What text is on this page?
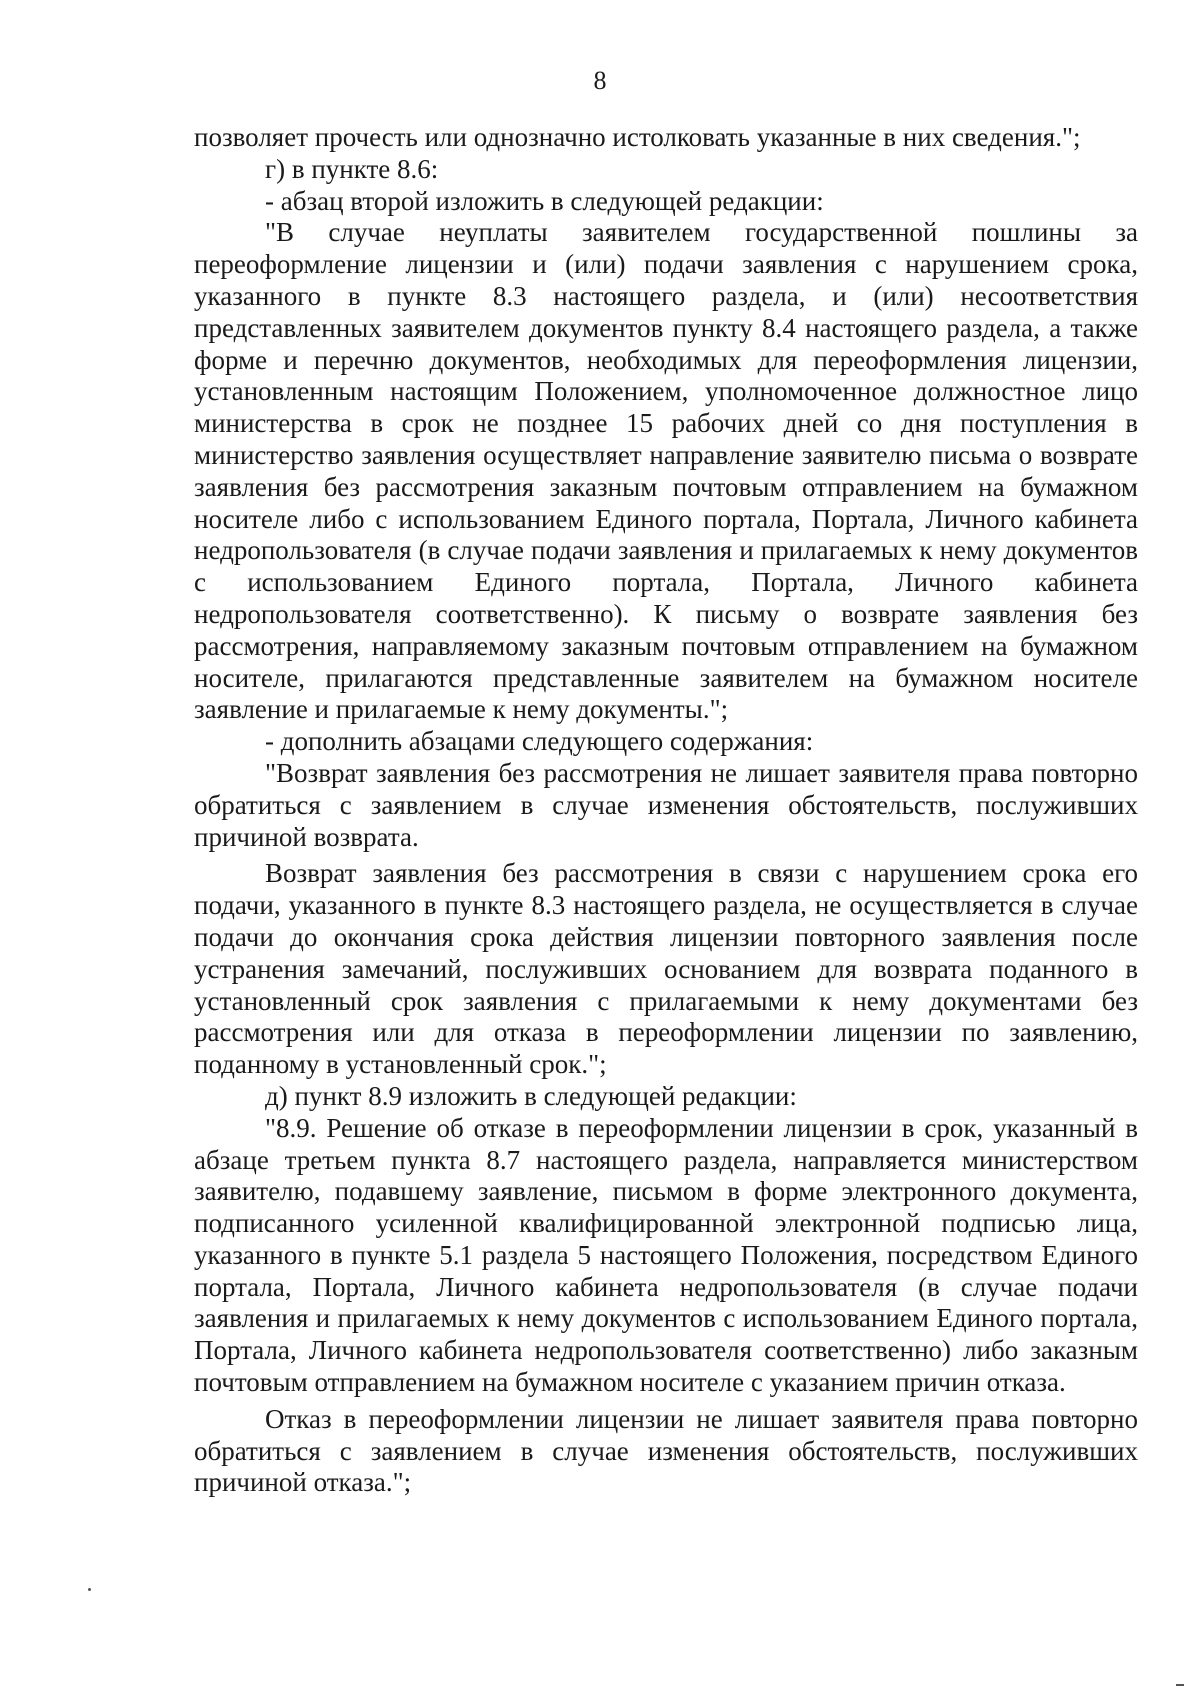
8

позволяет прочесть или однозначно истолковать указанные в них сведения.";

г) в пункте 8.6:

- абзац второй изложить в следующей редакции:

"В случае неуплаты заявителем государственной пошлины за переоформление лицензии и (или) подачи заявления с нарушением срока, указанного в пункте 8.3 настоящего раздела, и (или) несоответствия представленных заявителем документов пункту 8.4 настоящего раздела, а также форме и перечню документов, необходимых для переоформления лицензии, установленным настоящим Положением, уполномоченное должностное лицо министерства в срок не позднее 15 рабочих дней со дня поступления в министерство заявления осуществляет направление заявителю письма о возврате заявления без рассмотрения заказным почтовым отправлением на бумажном носителе либо с использованием Единого портала, Портала, Личного кабинета недропользователя (в случае подачи заявления и прилагаемых к нему документов с использованием Единого портала, Портала, Личного кабинета недропользователя соответственно). К письму о возврате заявления без рассмотрения, направляемому заказным почтовым отправлением на бумажном носителе, прилагаются представленные заявителем на бумажном носителе заявление и прилагаемые к нему документы.";

- дополнить абзацами следующего содержания:

"Возврат заявления без рассмотрения не лишает заявителя права повторно обратиться с заявлением в случае изменения обстоятельств, послуживших причиной возврата.

Возврат заявления без рассмотрения в связи с нарушением срока его подачи, указанного в пункте 8.3 настоящего раздела, не осуществляется в случае подачи до окончания срока действия лицензии повторного заявления после устранения замечаний, послуживших основанием для возврата поданного в установленный срок заявления с прилагаемыми к нему документами без рассмотрения или для отказа в переоформлении лицензии по заявлению, поданному в установленный срок.";

д) пункт 8.9 изложить в следующей редакции:

"8.9. Решение об отказе в переоформлении лицензии в срок, указанный в абзаце третьем пункта 8.7 настоящего раздела, направляется министерством заявителю, подавшему заявление, письмом в форме электронного документа, подписанного усиленной квалифицированной электронной подписью лица, указанного в пункте 5.1 раздела 5 настоящего Положения, посредством Единого портала, Портала, Личного кабинета недропользователя (в случае подачи заявления и прилагаемых к нему документов с использованием Единого портала, Портала, Личного кабинета недропользователя соответственно) либо заказным почтовым отправлением на бумажном носителе с указанием причин отказа.

Отказ в переоформлении лицензии не лишает заявителя права повторно обратиться с заявлением в случае изменения обстоятельств, послуживших причиной отказа.";
